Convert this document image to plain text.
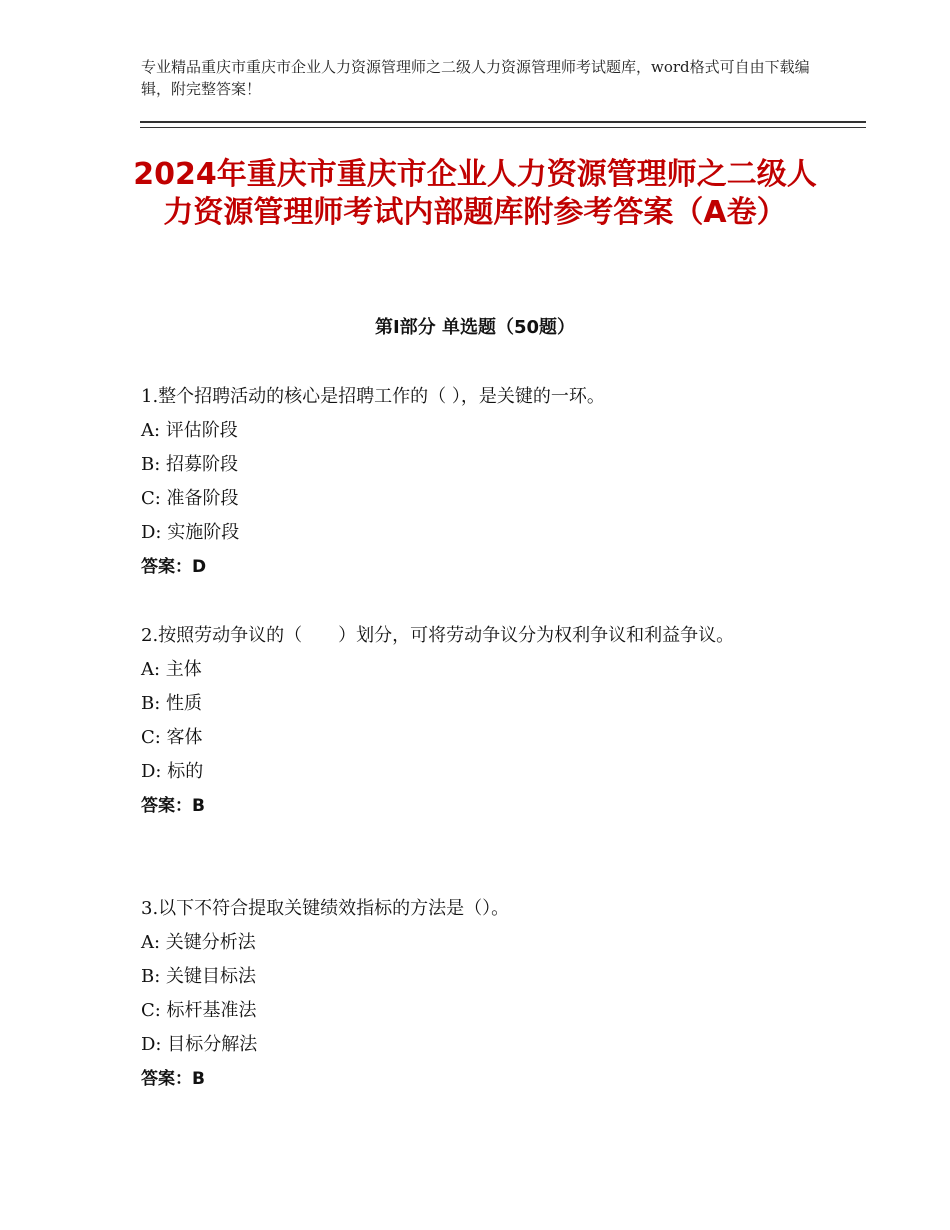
专业精品重庆市重庆市企业人力资源管理师之二级人力资源管理师考试题库，word格式可自由下载编辑，附完整答案！
2024年重庆市重庆市企业人力资源管理师之二级人力资源管理师考试内部题库附参考答案（A卷）
第Ⅰ部分 单选题（50题）

1.整个招聘活动的核心是招聘工作的（ ），是关键的一环。

A: 评估阶段

B: 招募阶段

C: 准备阶段

D: 实施阶段

答案：D

2.按照劳动争议的（　　）划分，可将劳动争议分为权利争议和利益争议。

A: 主体

B: 性质

C: 客体

D: 标的

答案：B

3.以下不符合提取关键绩效指标的方法是（）。

A: 关键分析法

B: 关键目标法

C: 标杆基准法

D: 目标分解法

答案：B
